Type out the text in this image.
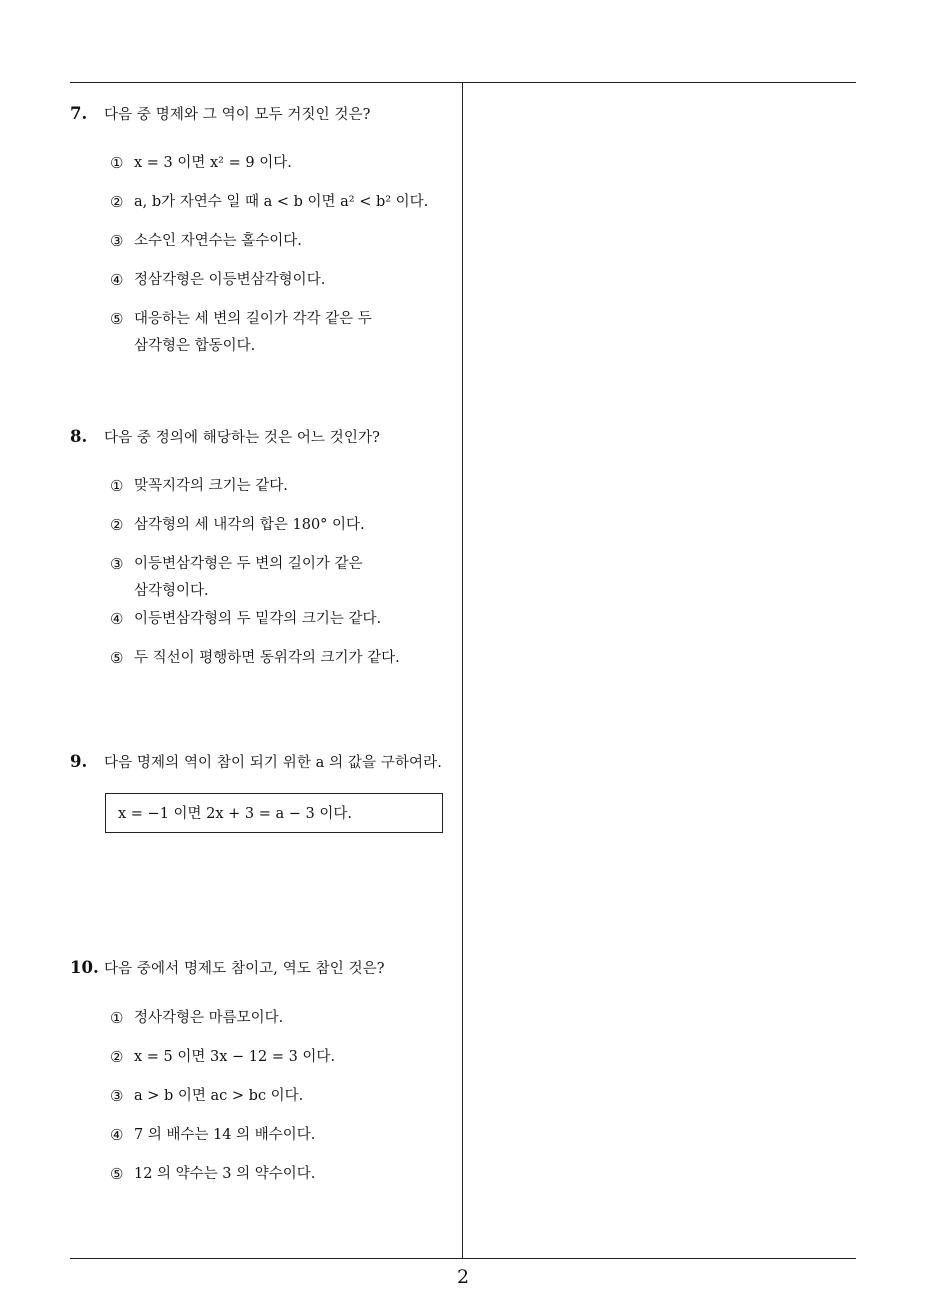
7. 다음 중 명제와 그 역이 모두 거짓인 것은?
① x = 3 이면 x² = 9 이다.
② a, b가 자연수 일 때 a < b 이면 a² < b² 이다.
③ 소수인 자연수는 홀수이다.
④ 정삼각형은 이등변삼각형이다.
⑤ 대응하는 세 변의 길이가 각각 같은 두
삼각형은 합동이다.
8. 다음 중 정의에 해당하는 것은 어느 것인가?
① 맞꼭지각의 크기는 같다.
② 삼각형의 세 내각의 합은 180° 이다.
③ 이등변삼각형은 두 변의 길이가 같은
삼각형이다.
④ 이등변삼각형의 두 밑각의 크기는 같다.
⑤ 두 직선이 평행하면 동위각의 크기가 같다.
9. 다음 명제의 역이 참이 되기 위한 a 의 값을 구하여라.
x = −1 이면 2x + 3 = a − 3 이다.
10. 다음 중에서 명제도 참이고, 역도 참인 것은?
① 정사각형은 마름모이다.
② x = 5 이면 3x − 12 = 3 이다.
③ a > b 이면 ac > bc 이다.
④ 7 의 배수는 14 의 배수이다.
⑤ 12 의 약수는 3 의 약수이다.
2
